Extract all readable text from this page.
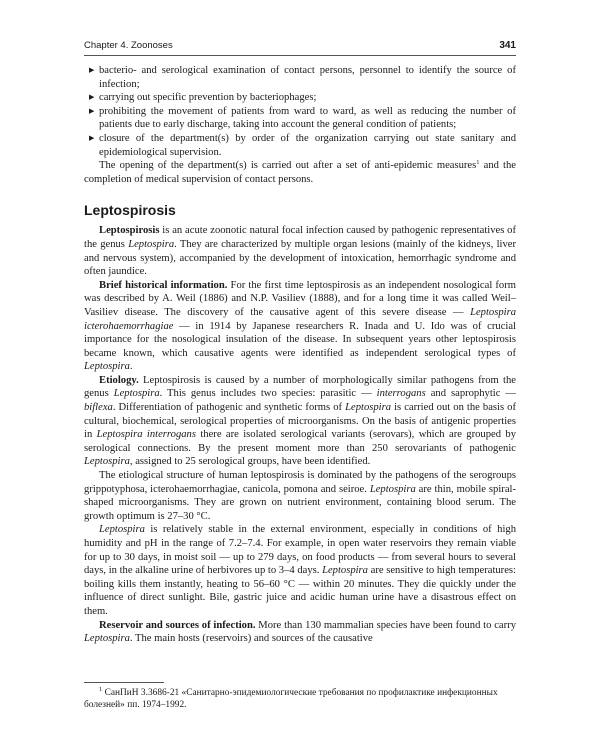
Chapter 4. Zoonoses	341
▶ bacterio- and serological examination of contact persons, personnel to identify the source of infection;
▶ carrying out specific prevention by bacteriophages;
▶ prohibiting the movement of patients from ward to ward, as well as reducing the number of patients due to early discharge, taking into account the general condition of patients;
▶ closure of the department(s) by order of the organization carrying out state sanitary and epidemiological supervision.

The opening of the department(s) is carried out after a set of anti-epidemic measures$^1$ and the completion of medical supervision of contact persons.

Leptospirosis

Leptospirosis is an acute zoonotic natural focal infection caused by pathogenic representatives of the genus Leptospira. They are characterized by multiple organ lesions (mainly of the kidneys, liver and nervous system), accompanied by the development of intoxication, hemorrhagic syndrome and often jaundice.

Brief historical information. For the first time leptospirosis as an independent nosological form was described by A. Weil (1886) and N.P. Vasiliev (1888), and for a long time it was called Weil–Vasiliev disease. The discovery of the causative agent of this severe disease — Leptospira icterohaemorrhagiae — in 1914 by Japanese researchers R. Inada and U. Ido was of crucial importance for the nosological insulation of the disease. In subsequent years other leptospirosis became known, which causative agents were identified as independent serological types of Leptospira.

Etiology. Leptospirosis is caused by a number of morphologically similar pathogens from the genus Leptospira. This genus includes two species: parasitic — interrogans and saprophytic — biflexa. Differentiation of pathogenic and synthetic forms of Leptospira is carried out on the basis of cultural, biochemical, serological properties of microorganisms. On the basis of antigenic properties in Leptospira interrogans there are isolated serological variants (serovars), which are grouped by serological connections. By the present moment more than 250 serovariants of pathogenic Leptospira, assigned to 25 serological groups, have been identified.

The etiological structure of human leptospirosis is dominated by the pathogens of the serogroups grippotyphosa, icterohaemorrhagiae, canicola, pomona and seiroe. Leptospira are thin, mobile spiral-shaped microorganisms. They are grown on nutrient environment, containing blood serum. The growth optimum is 27–30 °C.

Leptospira is relatively stable in the external environment, especially in conditions of high humidity and pH in the range of 7.2–7.4. For example, in open water reservoirs they remain viable for up to 30 days, in moist soil — up to 279 days, on food products — from several hours to several days, in the alkaline urine of herbivores up to 3–4 days. Leptospira are sensitive to high temperatures: boiling kills them instantly, heating to 56–60 °C — within 20 minutes. They die quickly under the influence of direct sunlight. Bile, gastric juice and acidic human urine have a disastrous effect on them.

Reservoir and sources of infection. More than 130 mammalian species have been found to carry Leptospira. The main hosts (reservoirs) and sources of the causative

$^1$ СанПиН 3.3686-21 «Санитарно-эпидемиологические требования по профилактике инфекционных болезней» пп. 1974–1992.
